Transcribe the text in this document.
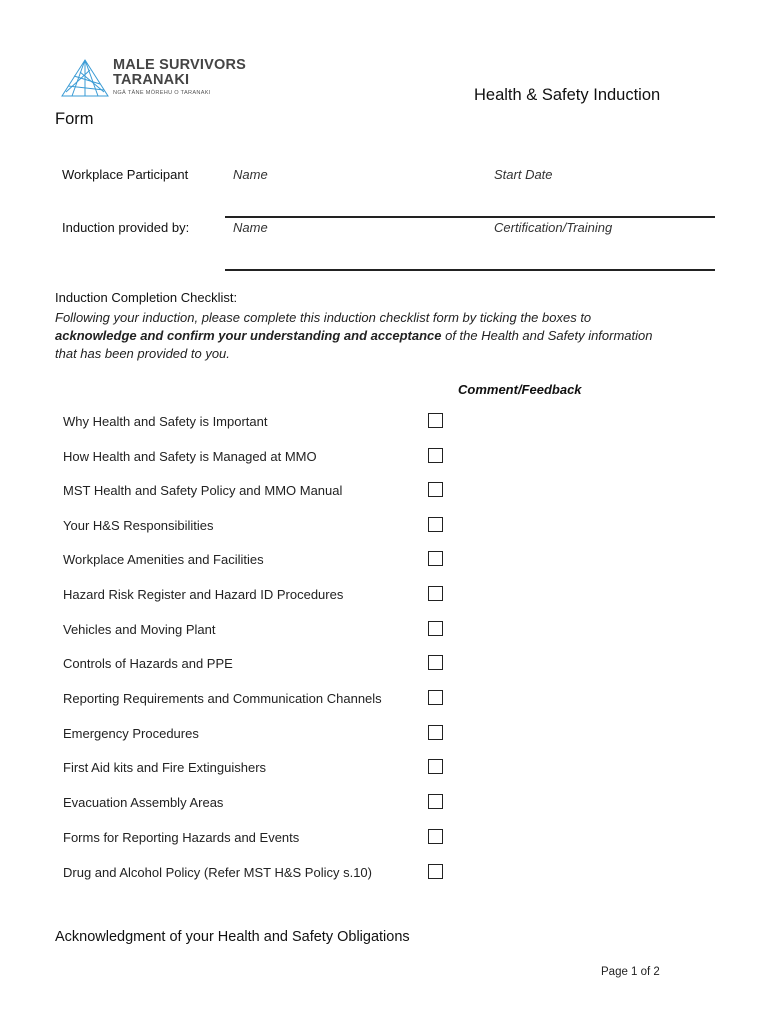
MALE SURVIVORS
TARANAKI
NGĀ TĀNE MŌREHU O TARANAKI	Health & Safety Induction
Form
Workplace Participant	Name	Start Date
Induction provided by:	Name	Certification/Training
Induction Completion Checklist:
Following your induction, please complete this induction checklist form by ticking the boxes to
acknowledge and confirm your understanding and acceptance of the Health and Safety information
that has been provided to you.
Comment/Feedback
Why Health and Safety is Important
How Health and Safety is Managed at MMO
MST Health and Safety Policy and MMO Manual
Your H&S Responsibilities
Workplace Amenities and Facilities
Hazard Risk Register and Hazard ID Procedures
Vehicles and Moving Plant
Controls of Hazards and PPE
Reporting Requirements and Communication Channels
Emergency Procedures
First Aid kits and Fire Extinguishers
Evacuation Assembly Areas
Forms for Reporting Hazards and Events
Drug and Alcohol Policy (Refer MST H&S Policy s.10)
Acknowledgment of your Health and Safety Obligations
Page 1 of 2
